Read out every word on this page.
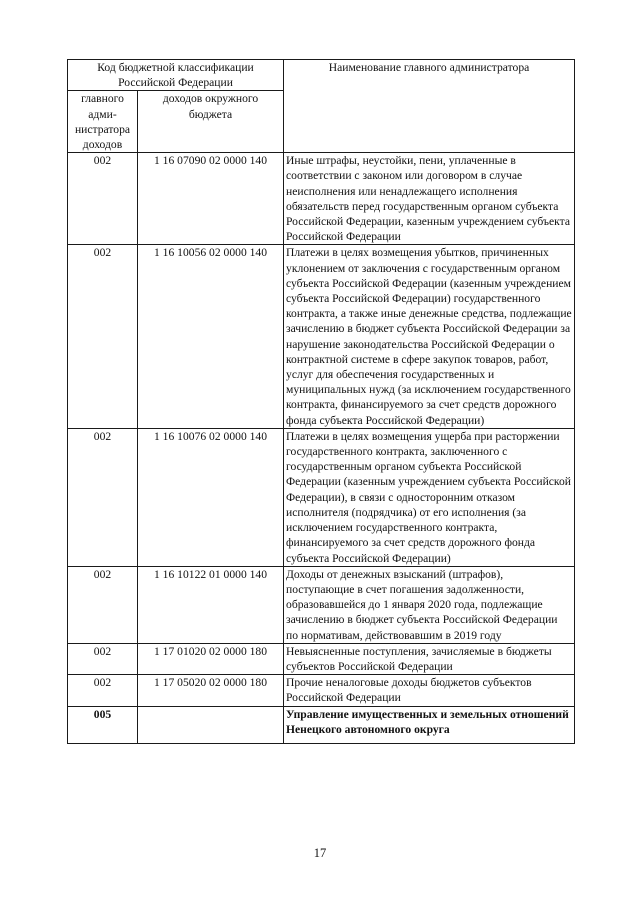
Код бюджетной классификации Российской Федерации		Наименование главного администратора
главного адми-нистратора доходов	доходов окружного бюджета	
002	1 16 07090 02 0000 140	Иные штрафы, неустойки, пени, уплаченные в соответствии с законом или договором в случае неисполнения или ненадлежащего исполнения обязательств перед государственным органом субъекта Российской Федерации, казенным учреждением субъекта Российской Федерации
002	1 16 10056 02 0000 140	Платежи в целях возмещения убытков, причиненных уклонением от заключения с государственным органом субъекта Российской Федерации (казенным учреждением субъекта Российской Федерации) государственного контракта, а также иные денежные средства, подлежащие зачислению в бюджет субъекта Российской Федерации за нарушение законодательства Российской Федерации о контрактной системе в сфере закупок товаров, работ, услуг для обеспечения государственных и муниципальных нужд (за исключением государственного контракта, финансируемого за счет средств дорожного фонда субъекта Российской Федерации)
002	1 16 10076 02 0000 140	Платежи в целях возмещения ущерба при расторжении государственного контракта, заключенного с государственным органом субъекта Российской Федерации (казенным учреждением субъекта Российской Федерации), в связи с односторонним отказом исполнителя (подрядчика) от его исполнения (за исключением государственного контракта, финансируемого за счет средств дорожного фонда субъекта Российской Федерации)
002	1 16 10122 01 0000 140	Доходы от денежных взысканий (штрафов), поступающие в счет погашения задолженности, образовавшейся до 1 января 2020 года, подлежащие зачислению в бюджет субъекта Российской Федерации по нормативам, действовавшим в 2019 году
002	1 17 01020 02 0000 180	Невыясненные поступления, зачисляемые в бюджеты субъектов Российской Федерации
002	1 17 05020 02 0000 180	Прочие неналоговые доходы бюджетов субъектов Российской Федерации
005		Управление имущественных и земельных отношений Ненецкого автономного округа
17
